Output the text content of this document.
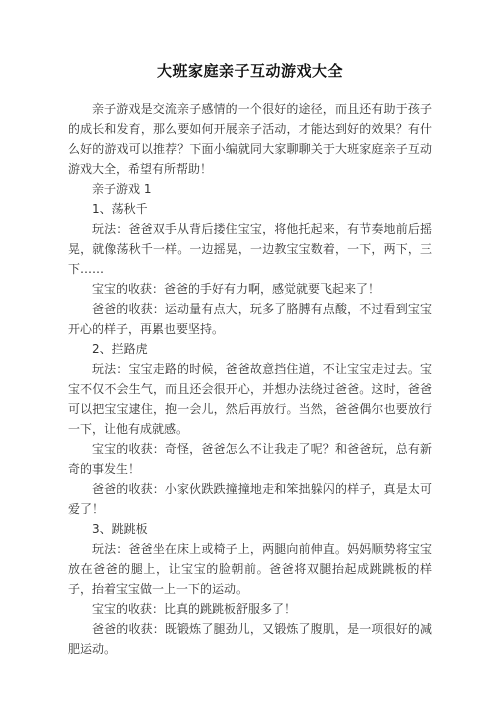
大班家庭亲子互动游戏大全

亲子游戏是交流亲子感情的一个很好的途径，而且还有助于孩子的成长和发育，那么要如何开展亲子活动，才能达到好的效果？有什么好的游戏可以推荐？下面小编就同大家聊聊关于大班家庭亲子互动游戏大全，希望有所帮助！

亲子游戏 1

1、荡秋千

玩法：爸爸双手从背后搂住宝宝，将他托起来，有节奏地前后摇晃，就像荡秋千一样。一边摇晃，一边教宝宝数着，一下，两下，三下……

宝宝的收获：爸爸的手好有力啊，感觉就要飞起来了！

爸爸的收获：运动量有点大，玩多了胳膊有点酸，不过看到宝宝开心的样子，再累也要坚持。

2、拦路虎

玩法：宝宝走路的时候，爸爸故意挡住道，不让宝宝走过去。宝宝不仅不会生气，而且还会很开心，并想办法绕过爸爸。这时，爸爸可以把宝宝逮住，抱一会儿，然后再放行。当然，爸爸偶尔也要放行一下，让他有成就感。

宝宝的收获：奇怪，爸爸怎么不让我走了呢？和爸爸玩，总有新奇的事发生！

爸爸的收获：小家伙跌跌撞撞地走和笨拙躲闪的样子，真是太可爱了！

3、跳跳板

玩法：爸爸坐在床上或椅子上，两腿向前伸直。妈妈顺势将宝宝放在爸爸的腿上，让宝宝的脸朝前。爸爸将双腿抬起成跳跳板的样子，抬着宝宝做一上一下的运动。

宝宝的收获：比真的跳跳板舒服多了！

爸爸的收获：既锻炼了腿劲儿，又锻炼了腹肌，是一项很好的减肥运动。
